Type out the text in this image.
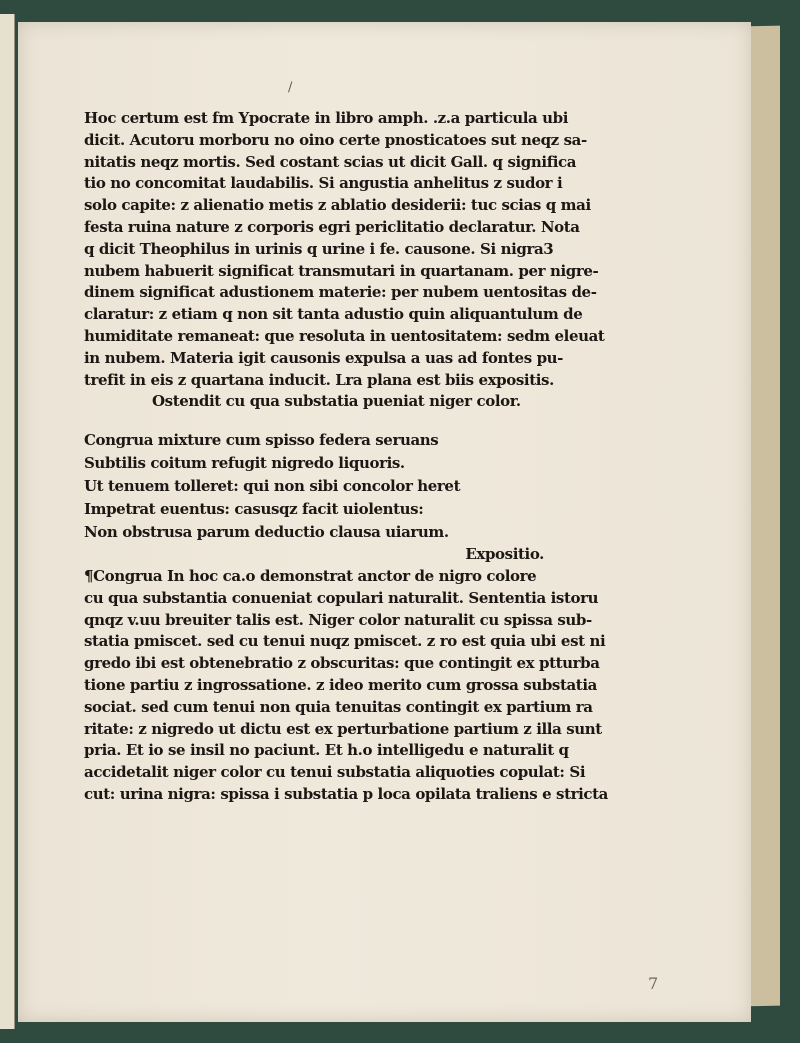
/
Hoc certum est fm Ypocrate in libro amph. .z.a particula ubi
dicit. Acutoru morboru no oino certe pnosticatoes sut neqz sa-
nitatis neqz mortis. Sed costant scias ut dicit Gall. q significa
tio no concomitat laudabilis. Si angustia anhelitus z sudor i
solo capite: z alienatio metis z ablatio desiderii: tuc scias q mai
festa ruina nature z corporis egri periclitatio declaratur. Nota
q dicit Theophilus in urinis q urine i fe. causone. Si nigra3
nubem habuerit significat transmutari in quartanam. per nigre-
dinem significat adustionem materie: per nubem uentositas de-
claratur: z etiam q non sit tanta adustio quin aliquantulum de
humiditate remaneat: que resoluta in uentositatem: sedm eleuat
in nubem. Materia igit causonis expulsa a uas ad fontes pu-
trefit in eis z quartana inducit. Lra plana est biis expositis.
Ostendit cu qua substatia pueniat niger color.
Congrua mixture cum spisso federa seruans
Subtilis coitum refugit nigredo liquoris.
Ut tenuem tolleret: qui non sibi concolor heret
Impetrat euentus: casusqz facit uiolentus:
Non obstrusa parum deductio clausa uiarum.
Expositio.
¶Congrua In hoc ca.o demonstrat anctor de nigro colore
cu qua substantia conueniat copulari naturalit. Sententia istoru
qnqz v.uu breuiter talis est. Niger color naturalit cu spissa sub-
statia pmiscet. sed cu tenui nuqz pmiscet. z ro est quia ubi est ni
gredo ibi est obtenebratio z obscuritas: que contingit ex ptturba
tione partiu z ingrossatione. z ideo merito cum grossa substatia
sociat. sed cum tenui non quia tenuitas contingit ex partium ra
ritate: z nigredo ut dictu est ex perturbatione partium z illa sunt
pria. Et io se insil no paciunt. Et h.o intelligedu e naturalit q
accidetalit niger color cu tenui substatia aliquoties copulat: Si
cut: urina nigra: spissa i substatia p loca opilata traliens e stricta
7
